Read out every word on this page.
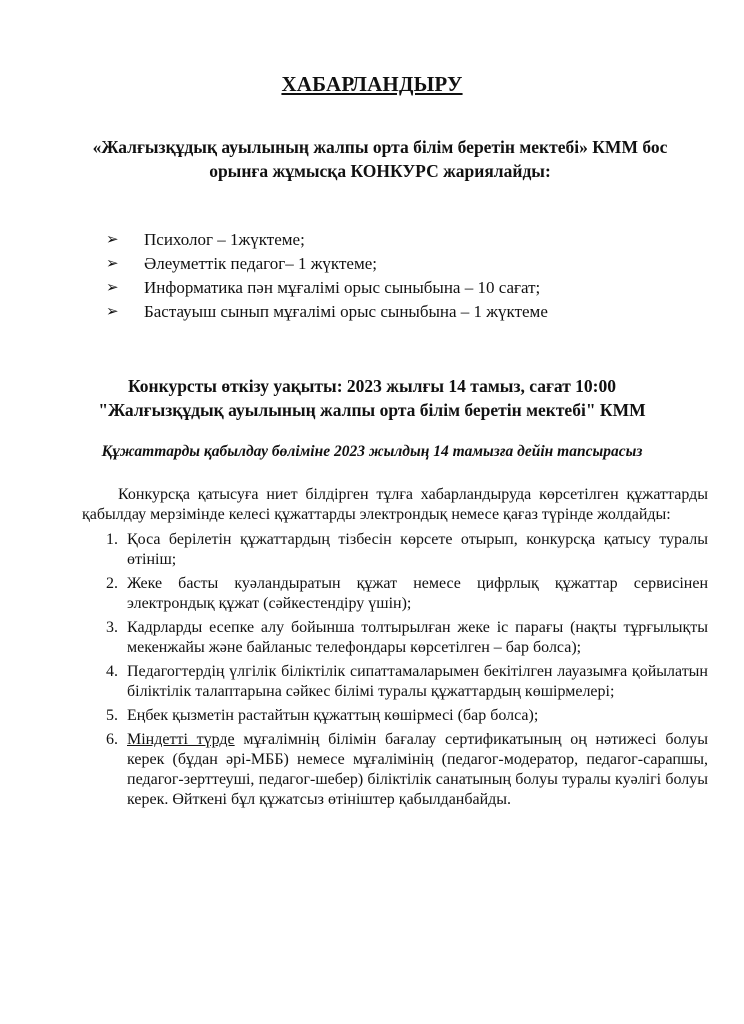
ХАБАРЛАНДЫРУ
«Жалғызқұдық ауылының жалпы орта білім беретін мектебі» КММ бос
орынға жұмысқа КОНКУРС жариялайды:
➢ Психолог – 1жүктеме;
➢ Әлеуметтік педагог– 1 жүктеме;
➢ Информатика пән мұғалімі орыс сыныбына – 10 сағат;
➢ Бастауыш сынып мұғалімі орыс сыныбына – 1 жүктеме
Конкурсты өткізу уақыты: 2023 жылғы 14 тамыз, сағат 10:00
"Жалғызқұдық ауылының жалпы орта білім беретін мектебі" КММ
Құжаттарды қабылдау бөліміне 2023 жылдың 14 тамызға дейін тапсырасыз
Конкурсқа қатысуға ниет білдірген тұлға хабарландыруда көрсетілген құжаттарды қабылдау мерзімінде келесі құжаттарды электрондық немесе қағаз түрінде жолдайды:
1. Қоса берілетін құжаттардың тізбесін көрсете отырып, конкурсқа қатысу туралы өтініш;
2. Жеке басты куәландыратын құжат немесе цифрлық құжаттар сервисінен электрондық құжат (сәйкестендіру үшін);
3. Кадрларды есепке алу бойынша толтырылған жеке іс парағы (нақты тұрғылықты мекенжайы және байланыс телефондары көрсетілген – бар болса);
4. Педагогтердің үлгілік біліктілік сипаттамаларымен бекітілген лауазымға қойылатын біліктілік талаптарына сәйкес білімі туралы құжаттардың көшірмелері;
5. Еңбек қызметін растайтын құжаттың көшірмесі (бар болса);
6. Міндетті түрде мұғалімнің білімін бағалау сертификатының оң нәтижесі болуы керек (бұдан әрі-МББ) немесе мұғалімінің (педагог-модератор, педагог-сарапшы, педагог-зерттеуші, педагог-шебер) біліктілік санатының болуы туралы куәлігі болуы керек. Өйткені бұл құжатсыз өтініштер қабылданбайды.
